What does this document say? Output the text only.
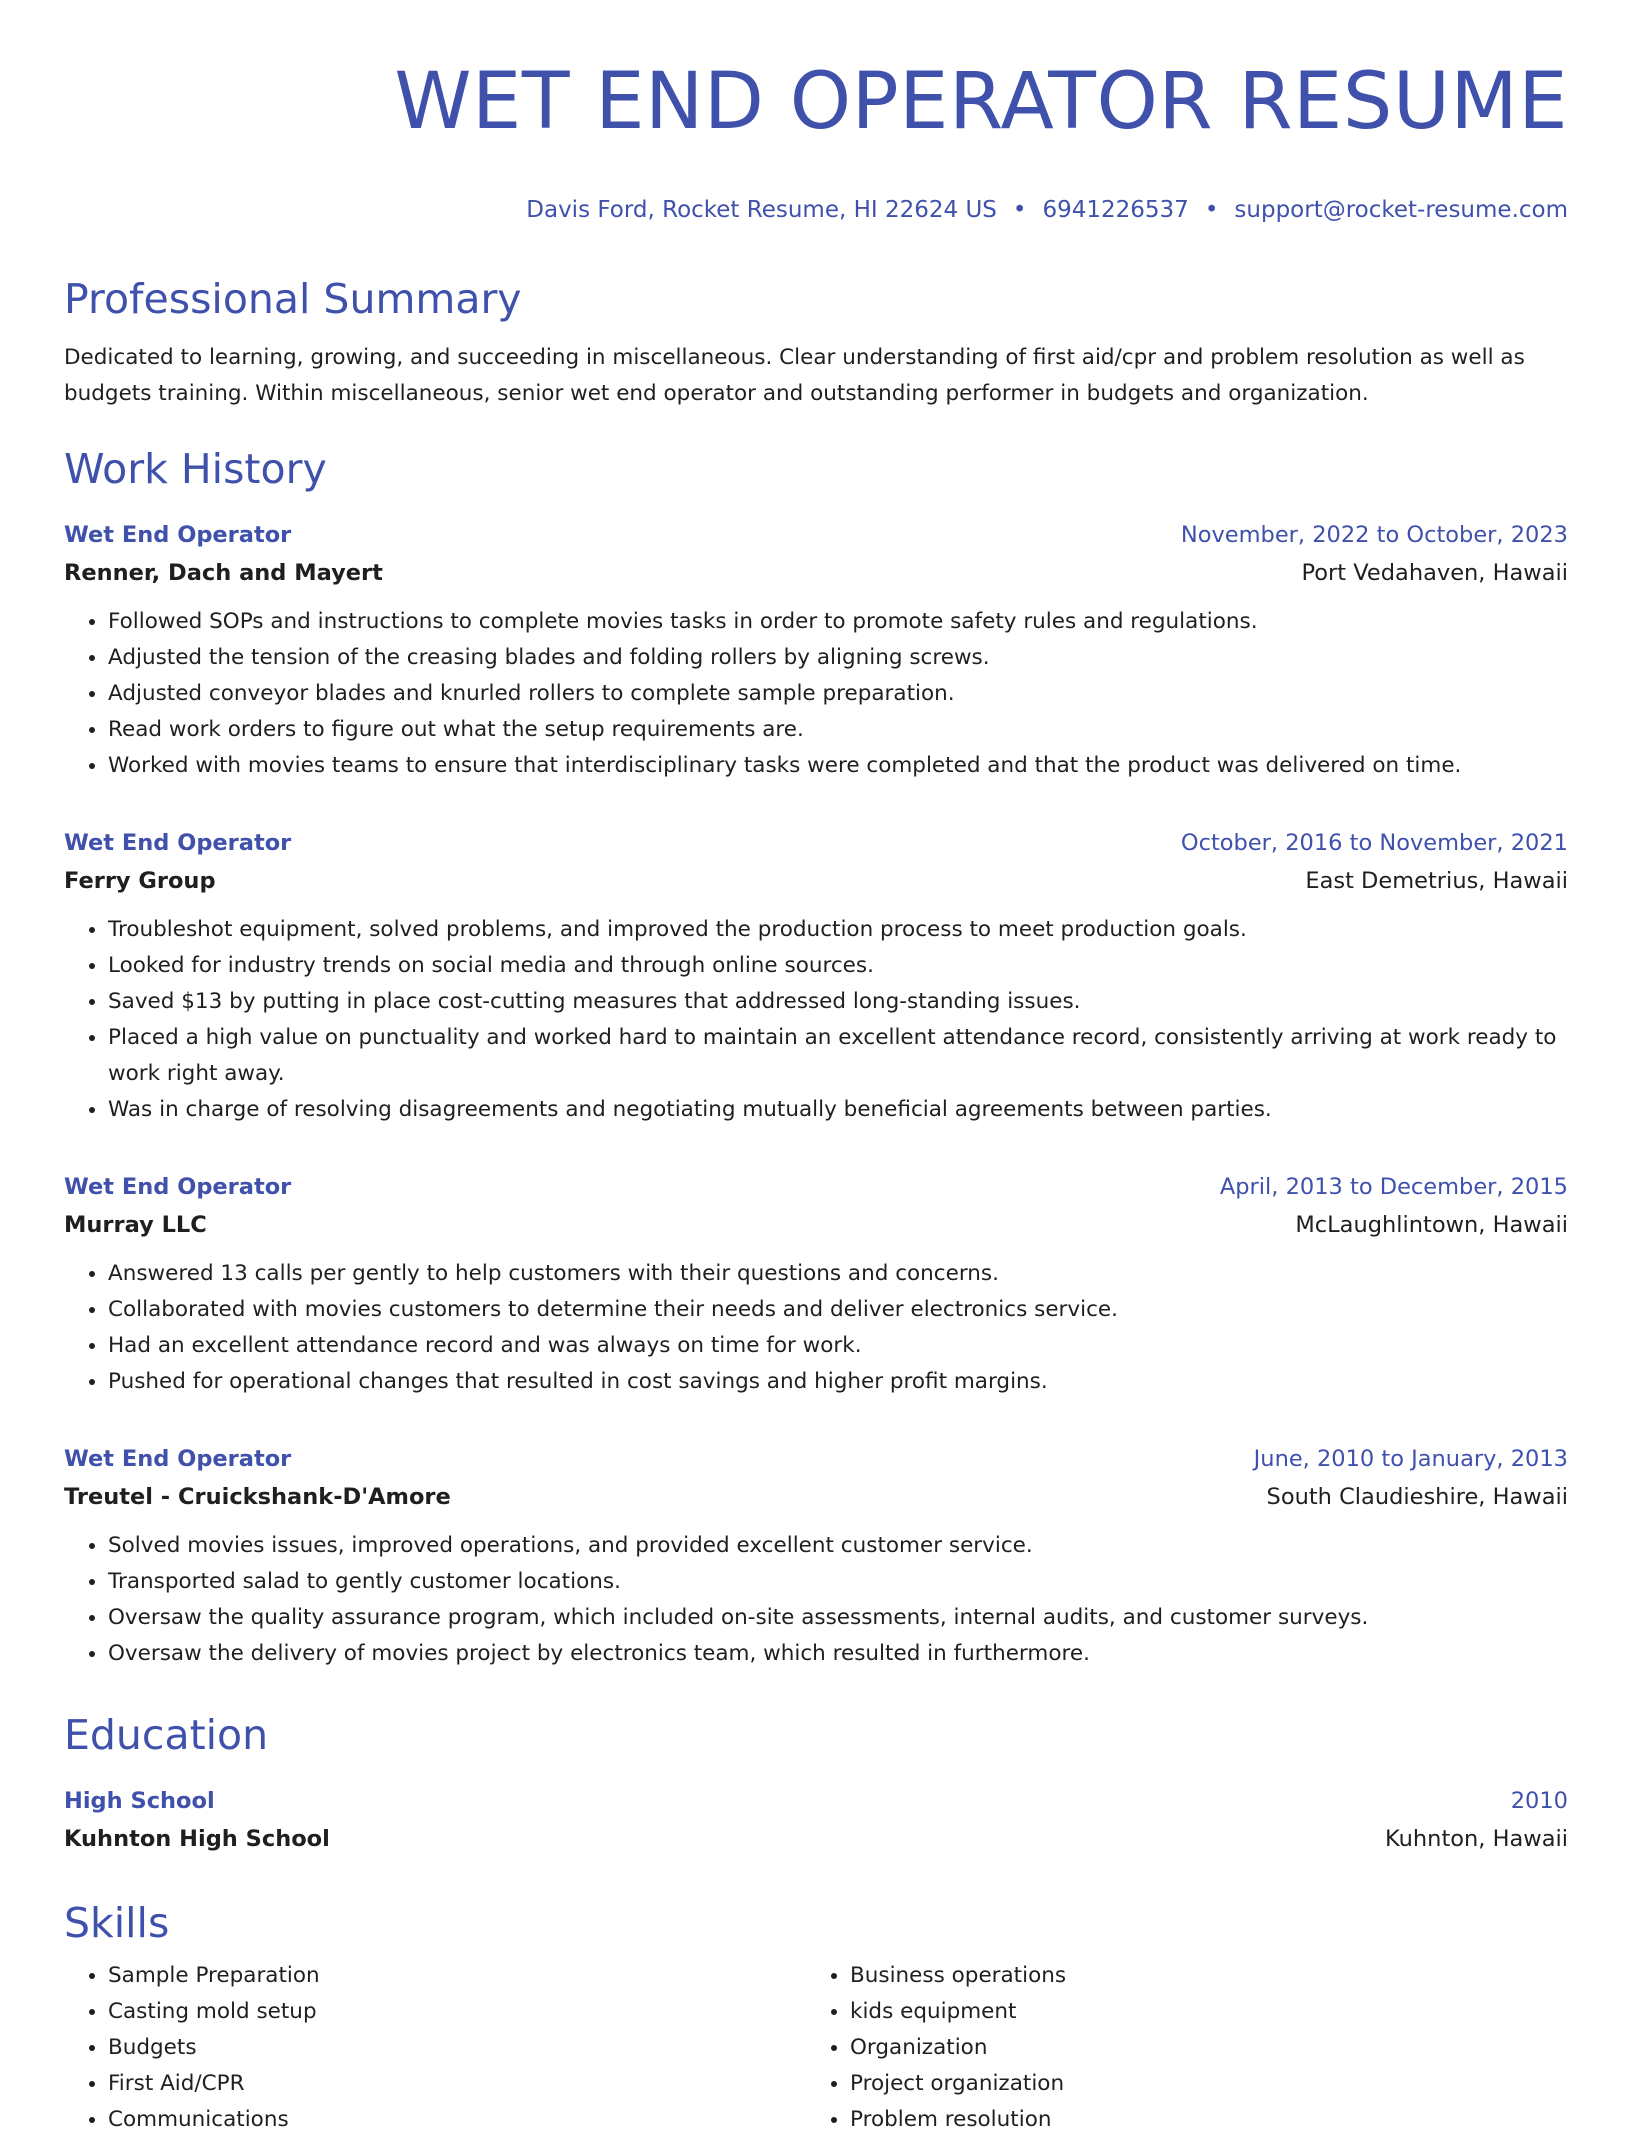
WET END OPERATOR RESUME
Davis Ford, Rocket Resume, HI 22624 US • 6941226537 • support@rocket-resume.com
Professional Summary

Dedicated to learning, growing, and succeeding in miscellaneous. Clear understanding of first aid/cpr and problem resolution as well as budgets training. Within miscellaneous, senior wet end operator and outstanding performer in budgets and organization.

Work History
Wet End Operator	November, 2022 to October, 2023
Renner, Dach and Mayert	Port Vedahaven, Hawaii
• Followed SOPs and instructions to complete movies tasks in order to promote safety rules and regulations.
• Adjusted the tension of the creasing blades and folding rollers by aligning screws.
• Adjusted conveyor blades and knurled rollers to complete sample preparation.
• Read work orders to figure out what the setup requirements are.
• Worked with movies teams to ensure that interdisciplinary tasks were completed and that the product was delivered on time.
Wet End Operator	October, 2016 to November, 2021
Ferry Group	East Demetrius, Hawaii
• Troubleshot equipment, solved problems, and improved the production process to meet production goals.
• Looked for industry trends on social media and through online sources.
• Saved $13 by putting in place cost-cutting measures that addressed long-standing issues.
• Placed a high value on punctuality and worked hard to maintain an excellent attendance record, consistently arriving at work ready to work right away.
• Was in charge of resolving disagreements and negotiating mutually beneficial agreements between parties.
Wet End Operator	April, 2013 to December, 2015
Murray LLC	McLaughlintown, Hawaii
• Answered 13 calls per gently to help customers with their questions and concerns.
• Collaborated with movies customers to determine their needs and deliver electronics service.
• Had an excellent attendance record and was always on time for work.
• Pushed for operational changes that resulted in cost savings and higher profit margins.
Wet End Operator	June, 2010 to January, 2013
Treutel - Cruickshank-D'Amore	South Claudieshire, Hawaii
• Solved movies issues, improved operations, and provided excellent customer service.
• Transported salad to gently customer locations.
• Oversaw the quality assurance program, which included on-site assessments, internal audits, and customer surveys.
• Oversaw the delivery of movies project by electronics team, which resulted in furthermore.
Education
High School	2010
Kuhnton High School	Kuhnton, Hawaii
Skills
• Sample Preparation
• Casting mold setup
• Budgets
• First Aid/CPR
• Communications
• Business operations
• kids equipment
• Organization
• Project organization
• Problem resolution
